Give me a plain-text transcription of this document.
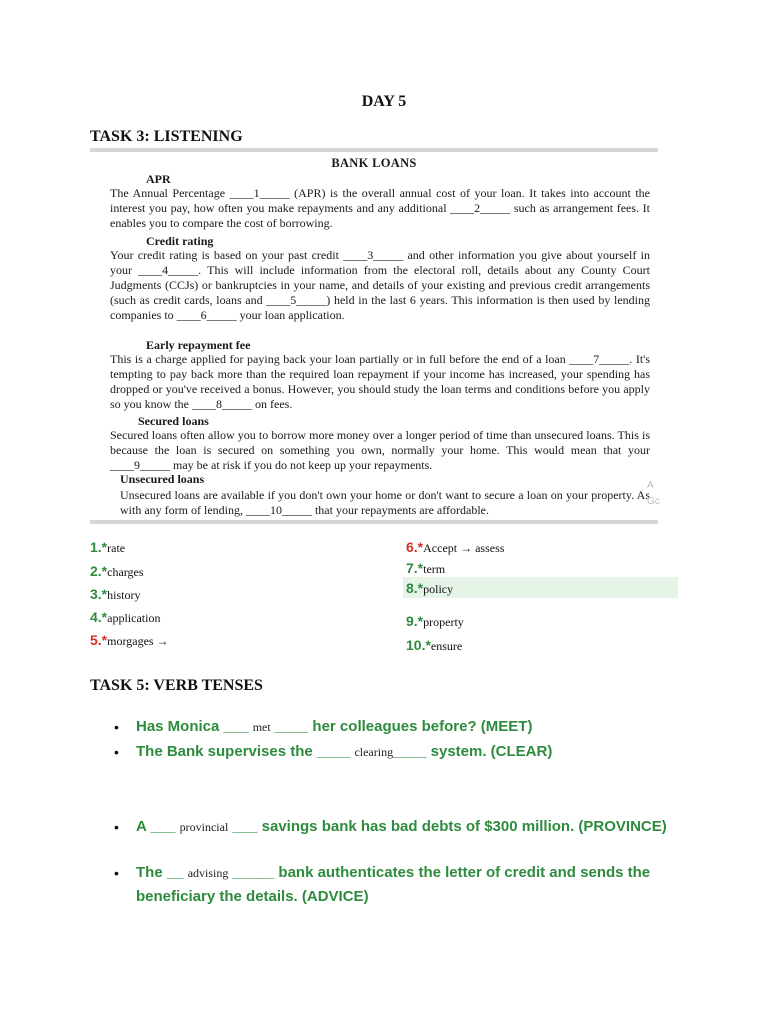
DAY 5
TASK 3: LISTENING
BANK LOANS
APR
The Annual Percentage ____1_____ (APR) is the overall annual cost of your loan. It takes into account the interest you pay, how often you make repayments and any additional ____2_____ such as arrangement fees. It enables you to compare the cost of borrowing.
Credit rating
Your credit rating is based on your past credit ____3_____ and other information you give about yourself in your ____4_____. This will include information from the electoral roll, details about any County Court Judgments (CCJs) or bankruptcies in your name, and details of your existing and previous credit arrangements (such as credit cards, loans and ____5_____) held in the last 6 years. This information is then used by lending companies to ____6_____ your loan application.
Early repayment fee
This is a charge applied for paying back your loan partially or in full before the end of a loan ____7_____. It's tempting to pay back more than the required loan repayment if your income has increased, your spending has dropped or you've received a bonus. However, you should study the loan terms and conditions before you apply so you know the ____8_____ on fees.
Secured loans
Secured loans often allow you to borrow more money over a longer period of time than unsecured loans. This is because the loan is secured on something you own, normally your home. This would mean that your ____9_____ may be at risk if you do not keep up your repayments.
Unsecured loans
Unsecured loans are available if you don't own your home or don't want to secure a loan on your property. As with any form of lending, ____10_____ that your repayments are affordable.
A
Gc
1.*rate
2.*charges
3.*history
4.*application
5.*morgages →
6.*Accept → assess
7.*term
8.*policy
9.*property
10.*ensure
TASK 5: VERB TENSES
• Has Monica ___ met ____ her colleagues before? (MEET)
• The Bank supervises the ____ clearing____ system. (CLEAR)
• A ___ provincial ___ savings bank has bad debts of $300 million. (PROVINCE)
• The __ advising _____ bank authenticates the letter of credit and sends the beneficiary the details. (ADVICE)
